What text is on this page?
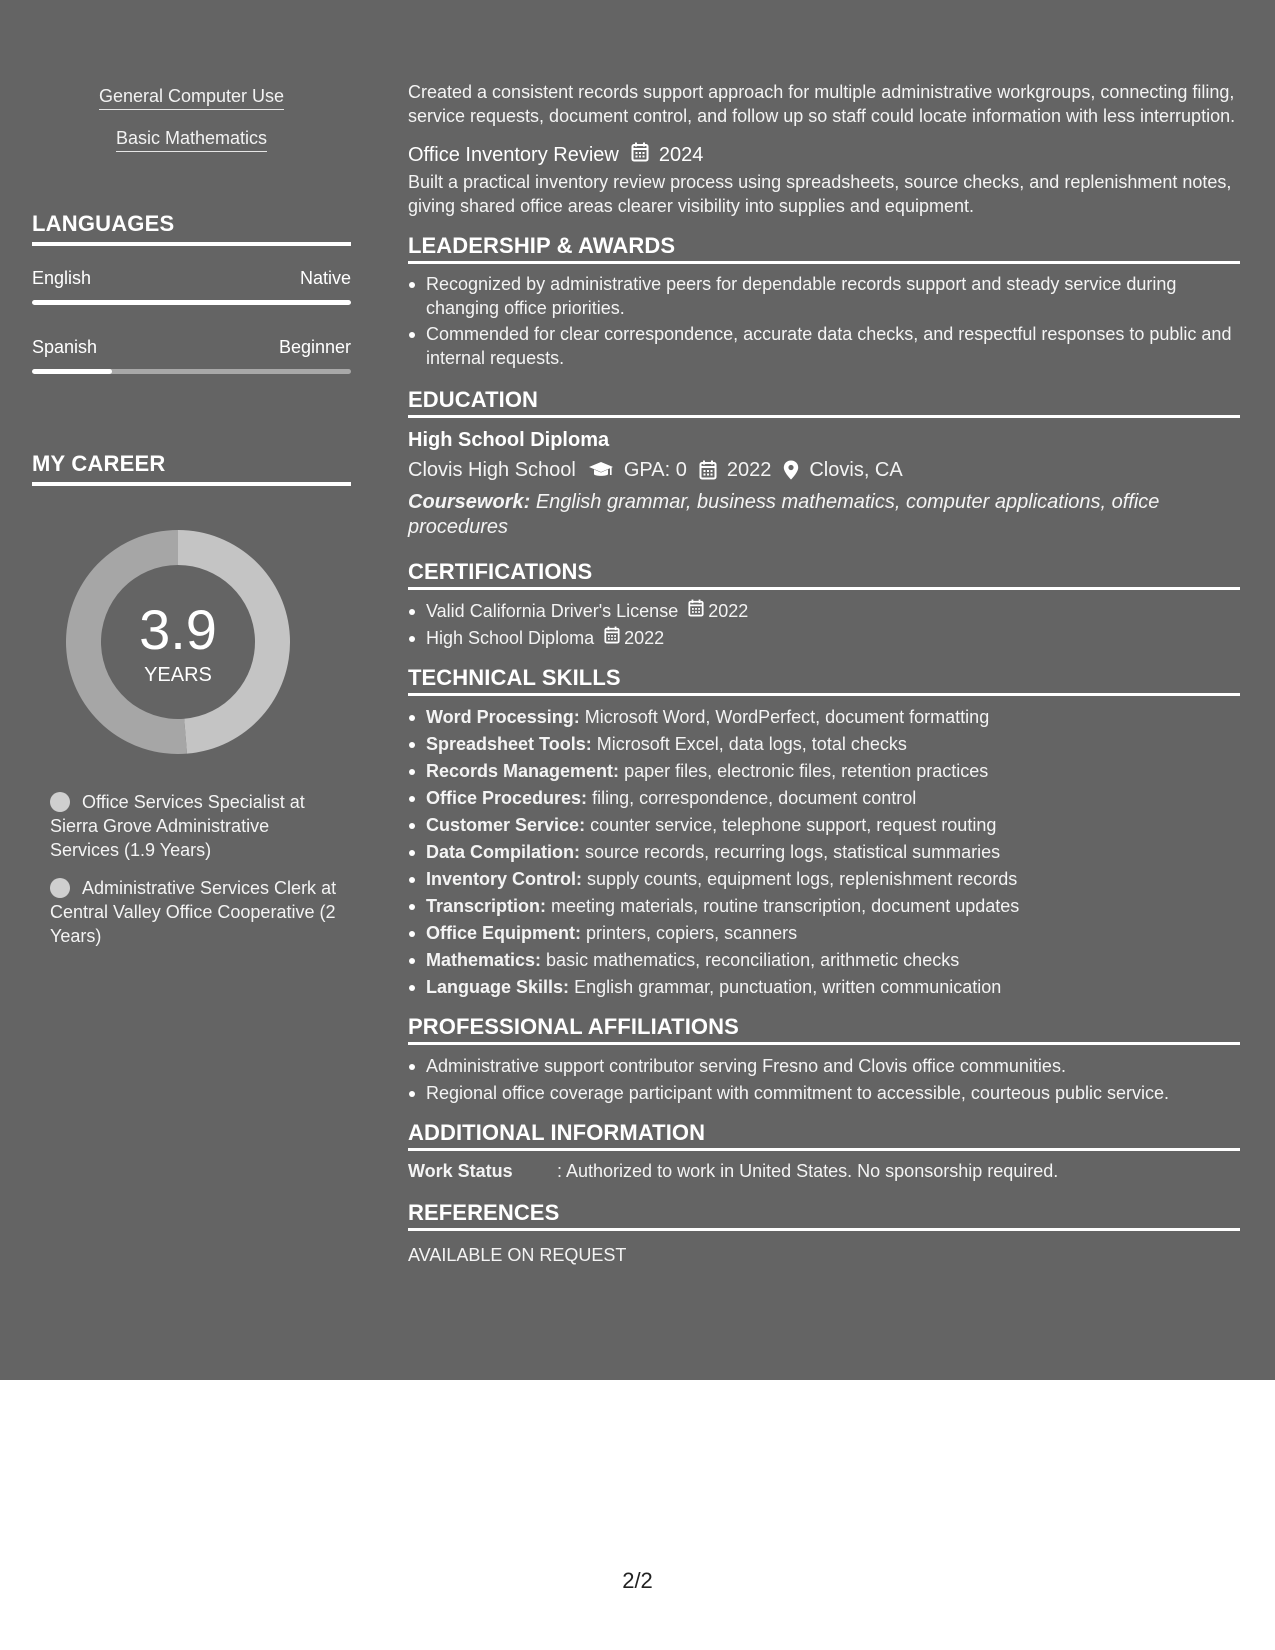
General Computer Use
Basic Mathematics
LANGUAGES
English	Native
Spanish	Beginner
MY CAREER
3.9
YEARS
Office Services Specialist at Sierra Grove Administrative Services (1.9 Years)
Administrative Services Clerk at Central Valley Office Cooperative (2 Years)

Created a consistent records support approach for multiple administrative workgroups, connecting filing, service requests, document control, and follow up so staff could locate information with less interruption.

Office Inventory Review 2024

Built a practical inventory review process using spreadsheets, source checks, and replenishment notes, giving shared office areas clearer visibility into supplies and equipment.

LEADERSHIP & AWARDS
Recognized by administrative peers for dependable records support and steady service during changing office priorities.
Commended for clear correspondence, accurate data checks, and respectful responses to public and internal requests.
EDUCATION
High School Diploma
Clovis High School GPA: 0 2022 Clovis, CA
Coursework: English grammar, business mathematics, computer applications, office procedures
CERTIFICATIONS
Valid California Driver's License 2022
High School Diploma 2022
TECHNICAL SKILLS
Word Processing: Microsoft Word, WordPerfect, document formatting
Spreadsheet Tools: Microsoft Excel, data logs, total checks
Records Management: paper files, electronic files, retention practices
Office Procedures: filing, correspondence, document control
Customer Service: counter service, telephone support, request routing
Data Compilation: source records, recurring logs, statistical summaries
Inventory Control: supply counts, equipment logs, replenishment records
Transcription: meeting materials, routine transcription, document updates
Office Equipment: printers, copiers, scanners
Mathematics: basic mathematics, reconciliation, arithmetic checks
Language Skills: English grammar, punctuation, written communication
PROFESSIONAL AFFILIATIONS
Administrative support contributor serving Fresno and Clovis office communities.
Regional office coverage participant with commitment to accessible, courteous public service.
ADDITIONAL INFORMATION
Work Status	: Authorized to work in United States. No sponsorship required.
REFERENCES

AVAILABLE ON REQUEST

2/2
